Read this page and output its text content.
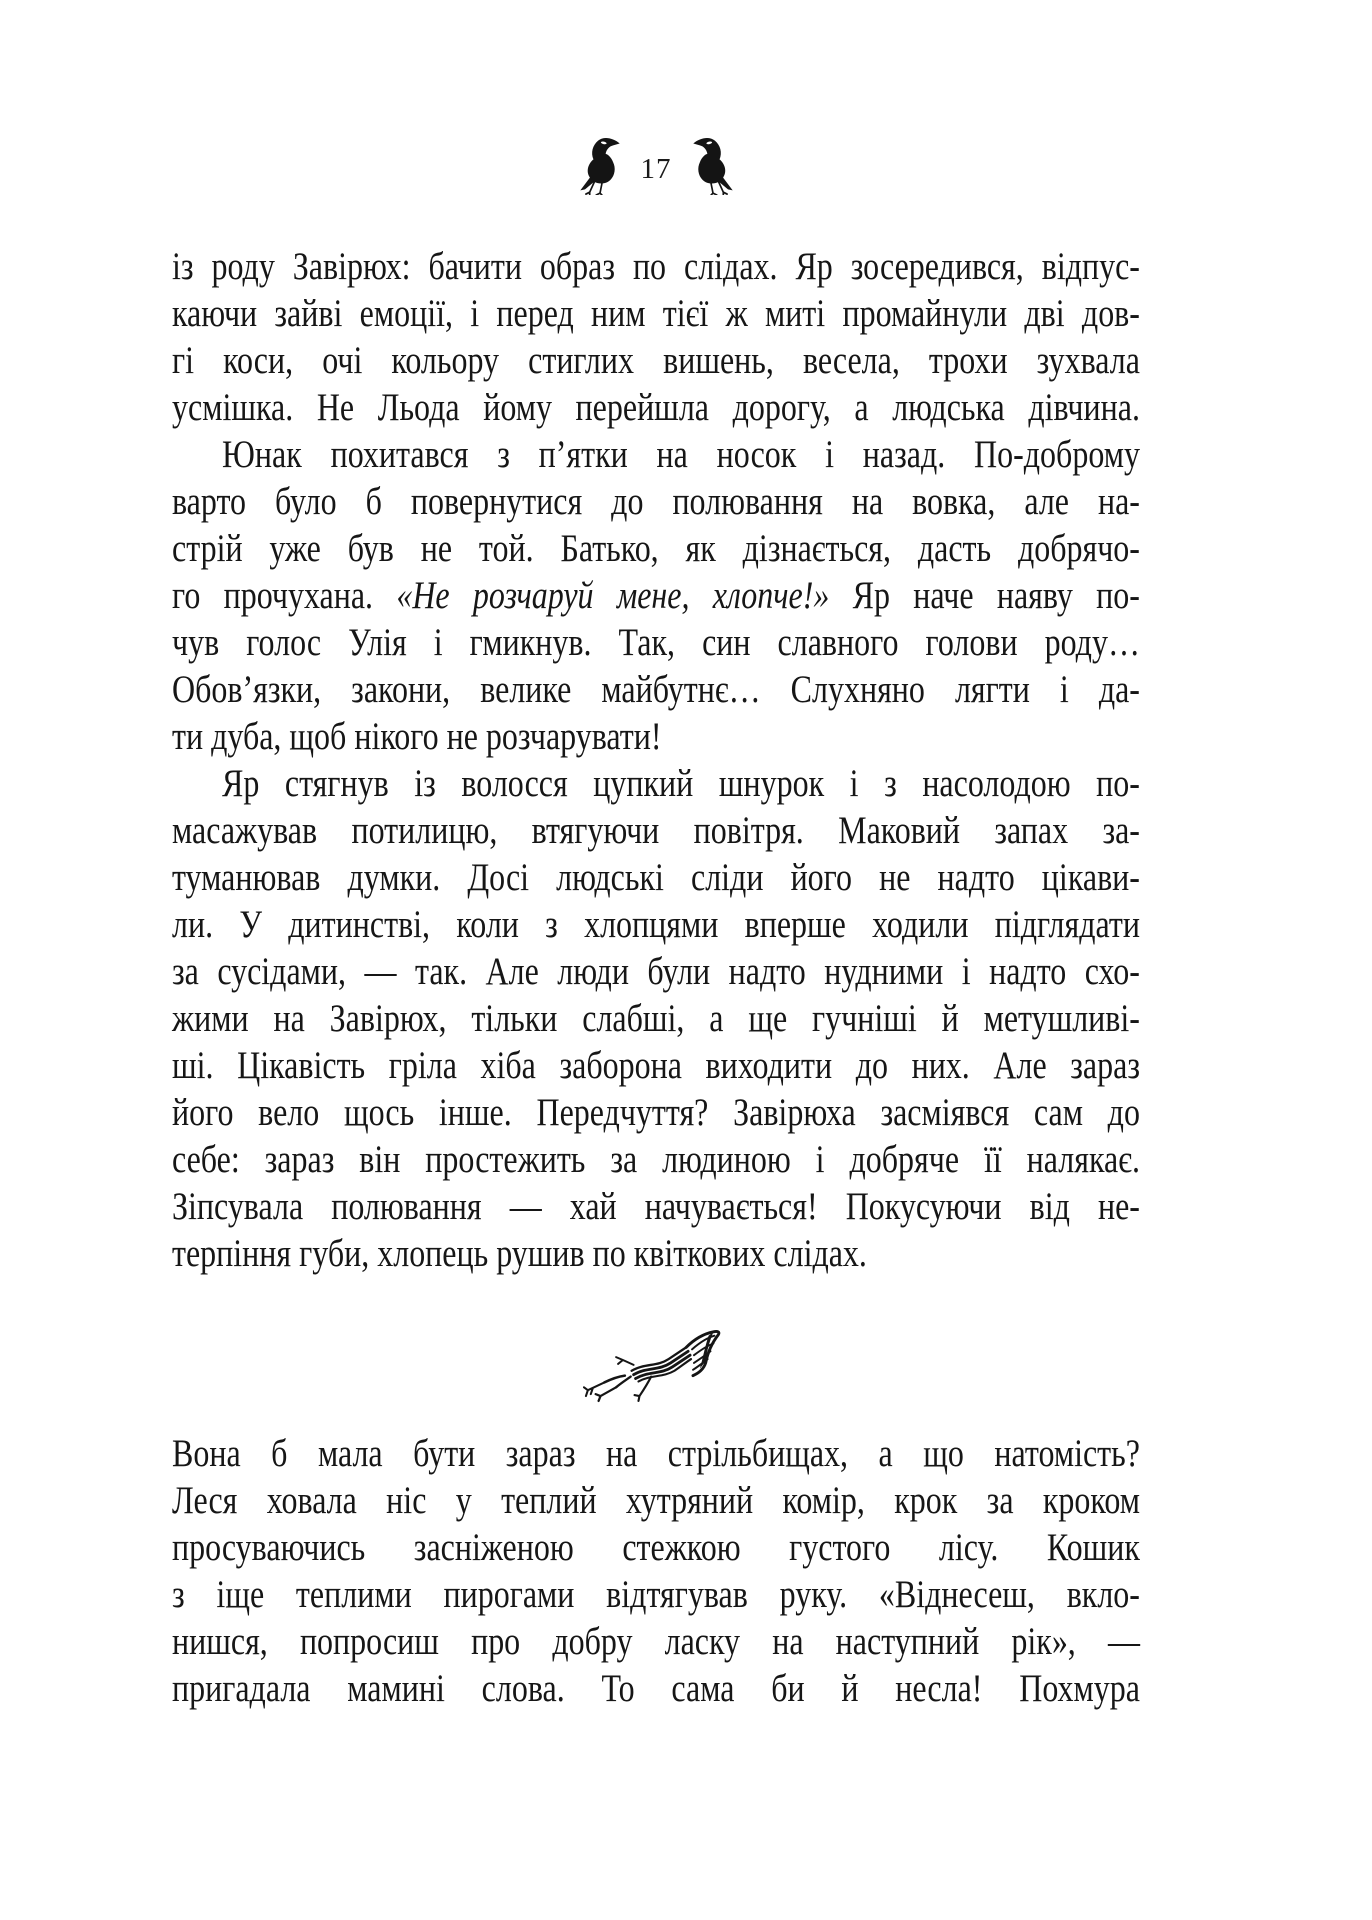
17
із роду Завірюх: бачити образ по слідах. Яр зосередився, відпус-
каючи зайві емоції, і перед ним тієї ж миті промайнули дві дов-
гі коси, очі кольору стиглих вишень, весела, трохи зухвала
усмішка. Не Льода йому перейшла дорогу, а людська дівчина.
Юнак похитався з п’ятки на носок і назад. По-доброму
варто було б повернутися до полювання на вовка, але на-
стрій уже був не той. Батько, як дізнається, дасть добрячо-
го прочухана. «Не розчаруй мене, хлопче!» Яр наче наяву по-
чув голос Улія і гмикнув. Так, син славного голови роду…
Обов’язки, закони, велике майбутнє… Слухняно лягти і да-
ти дуба, щоб нікого не розчарувати!
Яр стягнув із волосся цупкий шнурок і з насолодою по-
масажував потилицю, втягуючи повітря. Маковий запах за-
туманював думки. Досі людські сліди його не надто цікави-
ли. У дитинстві, коли з хлопцями вперше ходили підглядати
за сусідами, — так. Але люди були надто нудними і надто схо-
жими на Завірюх, тільки слабші, а ще гучніші й метушливі-
ші. Цікавість гріла хіба заборона виходити до них. Але зараз
його вело щось інше. Передчуття? Завірюха засміявся сам до
себе: зараз він простежить за людиною і добряче її налякає.
Зіпсувала полювання — хай начувається! Покусуючи від не-
терпіння губи, хлопець рушив по квіткових слідах.
Вона б мала бути зараз на стрільбищах, а що натомість?
Леся ховала ніс у теплий хутряний комір, крок за кроком
просуваючись засніженою стежкою густого лісу. Кошик
з іще теплими пирогами відтягував руку. «Віднесеш, вкло-
нишся, попросиш про добру ласку на наступний рік», —
пригадала мамині слова. То сама би й несла! Похмура
